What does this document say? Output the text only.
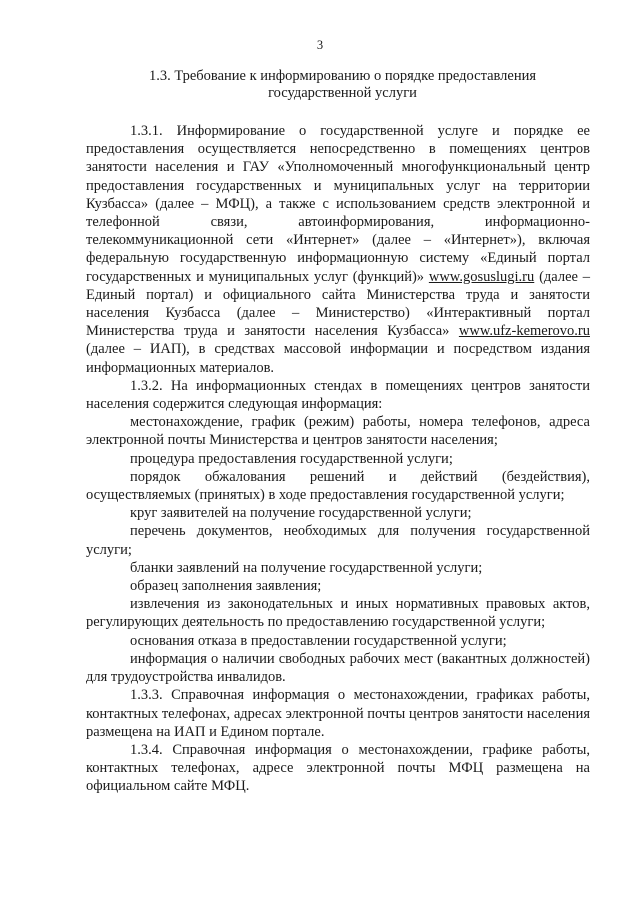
3
1.3. Требование к информированию о порядке предоставления
государственной услуги

1.3.1. Информирование о государственной услуге и порядке ее предоставления осуществляется непосредственно в помещениях центров занятости населения и ГАУ «Уполномоченный многофункциональный центр предоставления государственных и муниципальных услуг на территории Кузбасса» (далее – МФЦ), а также с использованием средств электронной и телефонной связи, автоинформирования, информационно-телекоммуникационной сети «Интернет» (далее – «Интернет»), включая федеральную государственную информационную систему «Единый портал государственных и муниципальных услуг (функций)» www.gosuslugi.ru (далее – Единый портал) и официального сайта Министерства труда и занятости населения Кузбасса (далее – Министерство) «Интерактивный портал Министерства труда и занятости населения Кузбасса» www.ufz-kemerovo.ru (далее – ИАП), в средствах массовой информации и посредством издания информационных материалов.

1.3.2. На информационных стендах в помещениях центров занятости населения содержится следующая информация:

местонахождение, график (режим) работы, номера телефонов, адреса электронной почты Министерства и центров занятости населения;

процедура предоставления государственной услуги;

порядок обжалования решений и действий (бездействия), осуществляемых (принятых) в ходе предоставления государственной услуги;

круг заявителей на получение государственной услуги;

перечень документов, необходимых для получения государственной услуги;

бланки заявлений на получение государственной услуги;

образец заполнения заявления;

извлечения из законодательных и иных нормативных правовых актов, регулирующих деятельность по предоставлению государственной услуги;

основания отказа в предоставлении государственной услуги;

информация о наличии свободных рабочих мест (вакантных должностей) для трудоустройства инвалидов.

1.3.3. Справочная информация о местонахождении, графиках работы, контактных телефонах, адресах электронной почты центров занятости населения размещена на ИАП и Едином портале.

1.3.4. Справочная информация о местонахождении, графике работы, контактных телефонах, адресе электронной почты МФЦ размещена на официальном сайте МФЦ.
